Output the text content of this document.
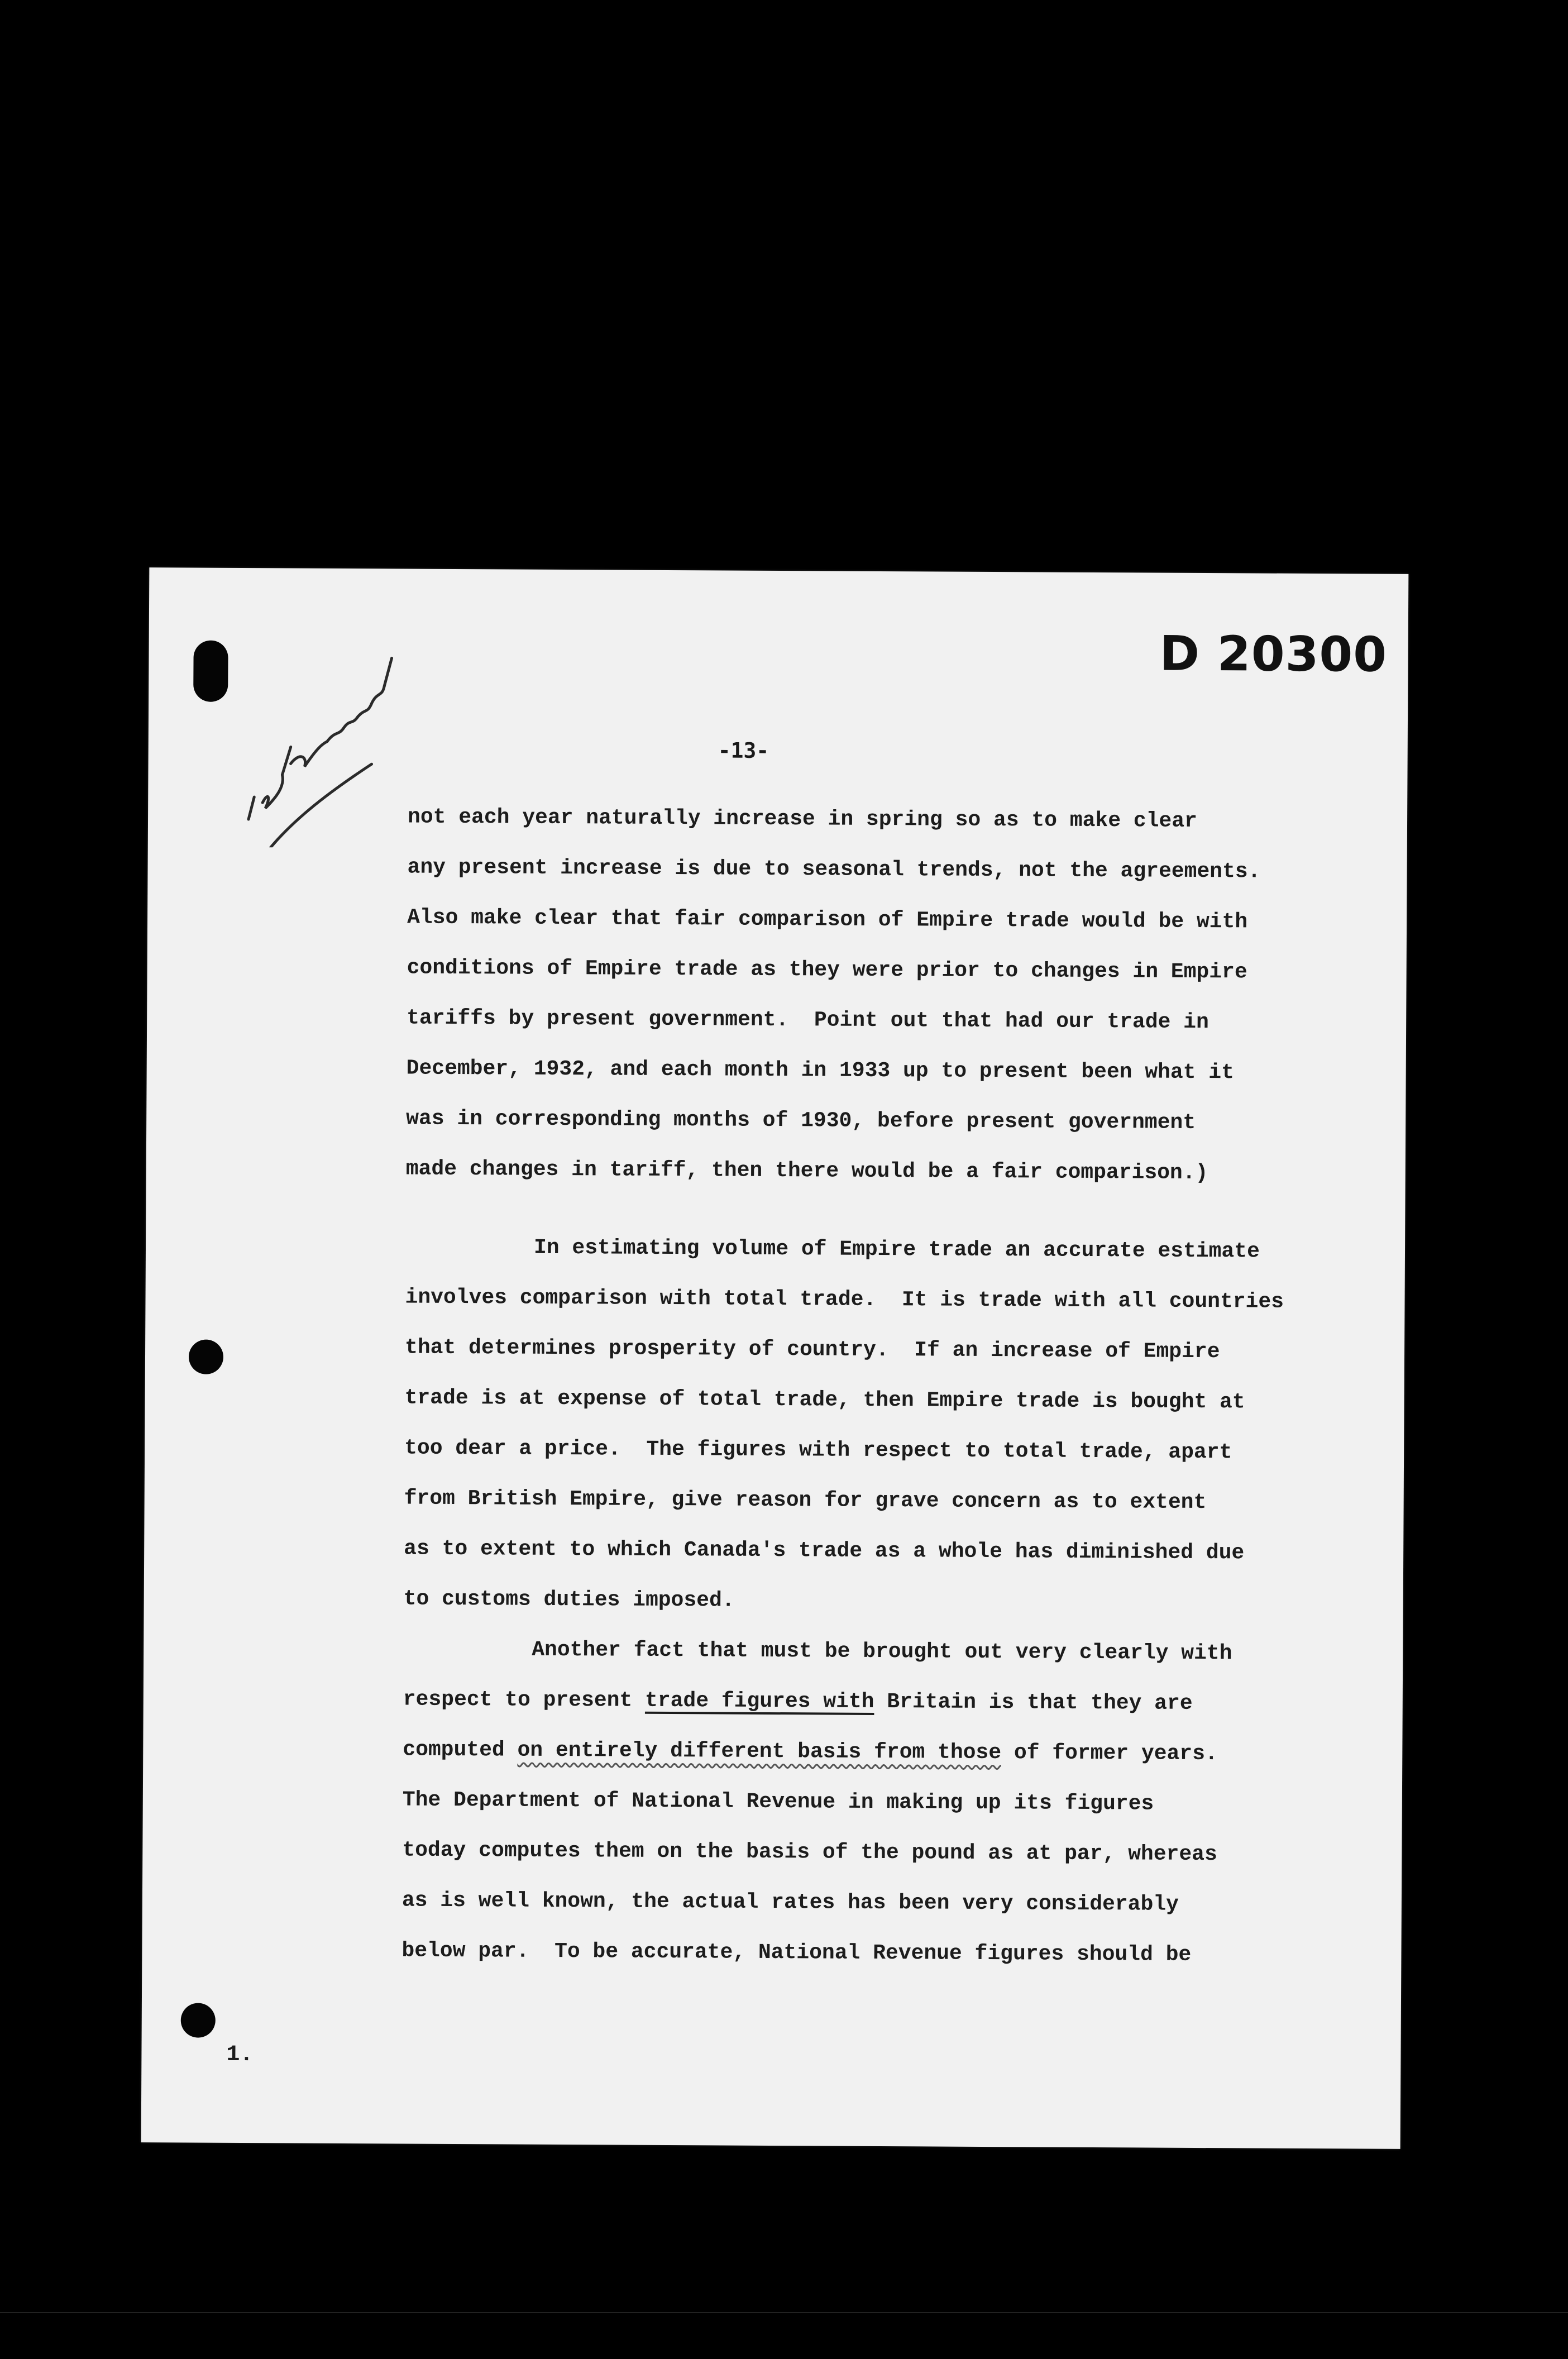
D 20300
-13-

not each year naturally increase in spring so as to make clear

any present increase is due to seasonal trends, not the agreements.

Also make clear that fair comparison of Empire trade would be with

conditions of Empire trade as they were prior to changes in Empire

tariffs by present government.  Point out that had our trade in

December, 1932, and each month in 1933 up to present been what it

was in corresponding months of 1930, before present government

made changes in tariff, then there would be a fair comparison.)

In estimating volume of Empire trade an accurate estimate

involves comparison with total trade.  It is trade with all countries

that determines prosperity of country.  If an increase of Empire

trade is at expense of total trade, then Empire trade is bought at

too dear a price.  The figures with respect to total trade, apart

from British Empire, give reason for grave concern as to extent

as to extent to which Canada's trade as a whole has diminished due

to customs duties imposed.

Another fact that must be brought out very clearly with

respect to present trade figures with Britain is that they are

computed on entirely different basis from those of former years.

The Department of National Revenue in making up its figures

today computes them on the basis of the pound as at par, whereas

as is well known, the actual rates has been very considerably

below par.  To be accurate, National Revenue figures should be

1.
